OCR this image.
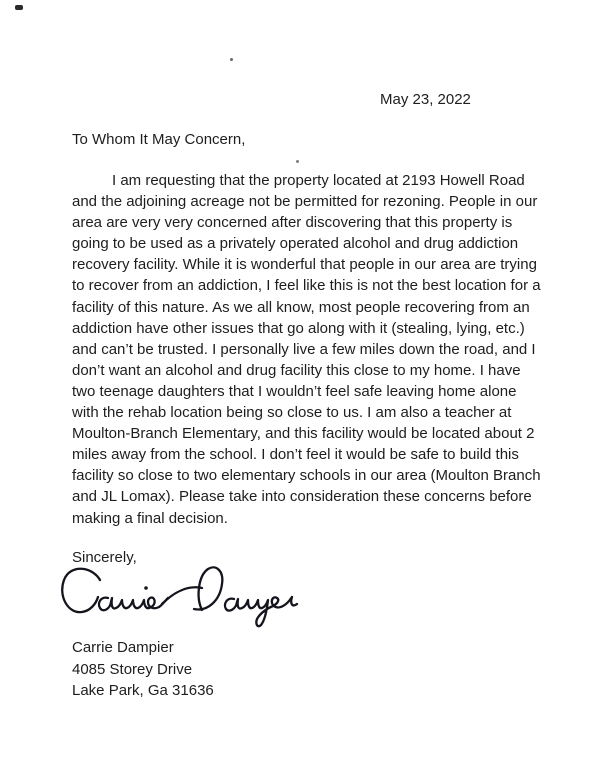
May 23, 2022
To Whom It May Concern,

I am requesting that the property located at 2193 Howell Road and the adjoining acreage not be permitted for rezoning. People in our area are very very concerned after discovering that this property is going to be used as a privately operated alcohol and drug addiction recovery facility. While it is wonderful that people in our area are trying to recover from an addiction, I feel like this is not the best location for a facility of this nature. As we all know, most people recovering from an addiction have other issues that go along with it (stealing, lying, etc.) and can’t be trusted. I personally live a few miles down the road, and I don’t want an alcohol and drug facility this close to my home. I have two teenage daughters that I wouldn’t feel safe leaving home alone with the rehab location being so close to us. I am also a teacher at Moulton-Branch Elementary, and this facility would be located about 2 miles away from the school. I don’t feel it would be safe to build this facility so close to two elementary schools in our area (Moulton Branch and JL Lomax). Please take into consideration these concerns before making a final decision.

Sincerely,
Carrie Dampier
4085 Storey Drive
Lake Park, Ga 31636
